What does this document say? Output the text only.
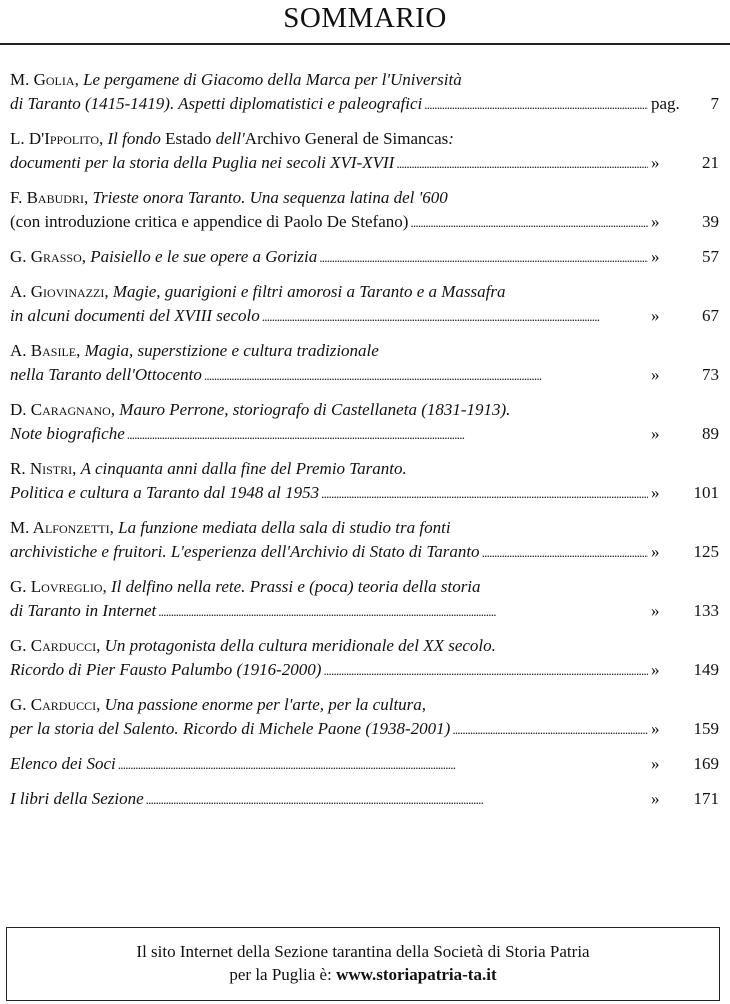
SOMMARIO
M. Golia, Le pergamene di Giacomo della Marca per l'Università
di Taranto (1415-1419). Aspetti diplomatistici e paleografici . . .	pag.	7
L. D'Ippolito, Il fondo Estado dell'Archivo General de Simancas:
documenti per la storia della Puglia nei secoli XVI-XVII . . .	»	21
F. Babudri, Trieste onora Taranto. Una sequenza latina del '600
(con introduzione critica e appendice di Paolo De Stefano) . . .	»	39
G. Grasso, Paisiello e le sue opere a Gorizia . . .	»	57
A. Giovinazzi, Magie, guarigioni e filtri amorosi a Taranto e a Massafra
in alcuni documenti del XVIII secolo . . .	»	67
A. Basile, Magia, superstizione e cultura tradizionale
nella Taranto dell'Ottocento . . .	»	73
D. Caragnano, Mauro Perrone, storiografo di Castellaneta (1831-1913).
Note biografiche . . .	»	89
R. Nistri, A cinquanta anni dalla fine del Premio Taranto.
Politica e cultura a Taranto dal 1948 al 1953 . . .	»	101
M. Alfonzetti, La funzione mediata della sala di studio tra fonti
archivistiche e fruitori. L'esperienza dell'Archivio di Stato di Taranto . . .	»	125
G. Lovreglio, Il delfino nella rete. Prassi e (poca) teoria della storia
di Taranto in Internet . . .	»	133
G. Carducci, Un protagonista della cultura meridionale del XX secolo.
Ricordo di Pier Fausto Palumbo (1916-2000) . . .	»	149
G. Carducci, Una passione enorme per l'arte, per la cultura,
per la storia del Salento. Ricordo di Michele Paone (1938-2001) . . .	»	159
Elenco dei Soci . . .	»	169
I libri della Sezione . . .	»	171
Il sito Internet della Sezione tarantina della Società di Storia Patria
per la Puglia è: www.storiapatria-ta.it
